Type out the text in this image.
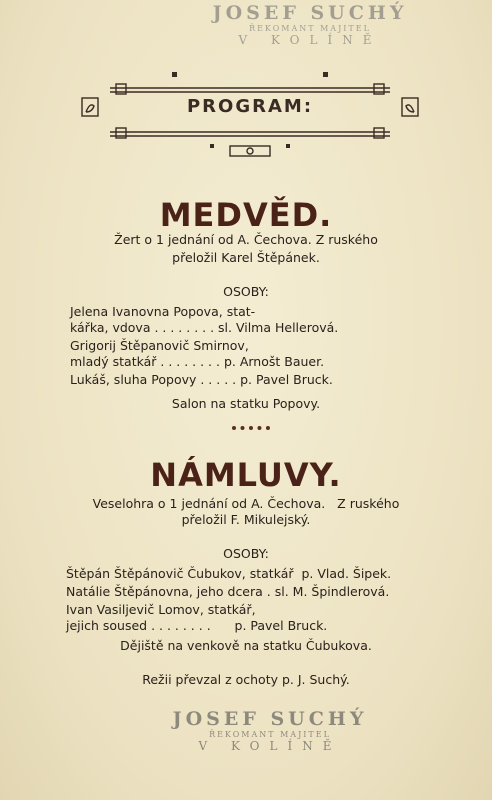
JOSEF SUCHÝ
ŘEKOMANT MAJITEL
V KOLÍNĚ
PROGRAM:
MEDVĚD.
Žert o 1 jednání od A. Čechova. Z ruského
přeložil Karel Štěpánek.
OSOBY:
Jelena Ivanovna Popova, stat-
kářka, vdova . . . . . . . . sl. Vilma Hellerová.
Grigorij Štěpanovič Smirnov,
mladý statkář . . . . . . . . p. Arnošt Bauer.
Lukáš, sluha Popovy . . . . . p. Pavel Bruck.
Salon na statku Popovy.
NÁMLUVY.
Veselohra o 1 jednání od A. Čechova.   Z ruského
přeložil F. Mikulejský.
OSOBY:
Štěpán Štěpánovič Čubukov, statkář  p. Vlad. Šipek.
Natálie Štěpánovna, jeho dcera . sl. M. Špindlerová.
Ivan Vasiljevič Lomov, statkář,
jejich soused . . . . . . . .      p. Pavel Bruck.
Dějiště na venkově na statku Čubukova.
Režii převzal z ochoty p. J. Suchý.
JOSEF SUCHÝ
ŘEKOMANT MAJITEL
V KOLÍNĚ
